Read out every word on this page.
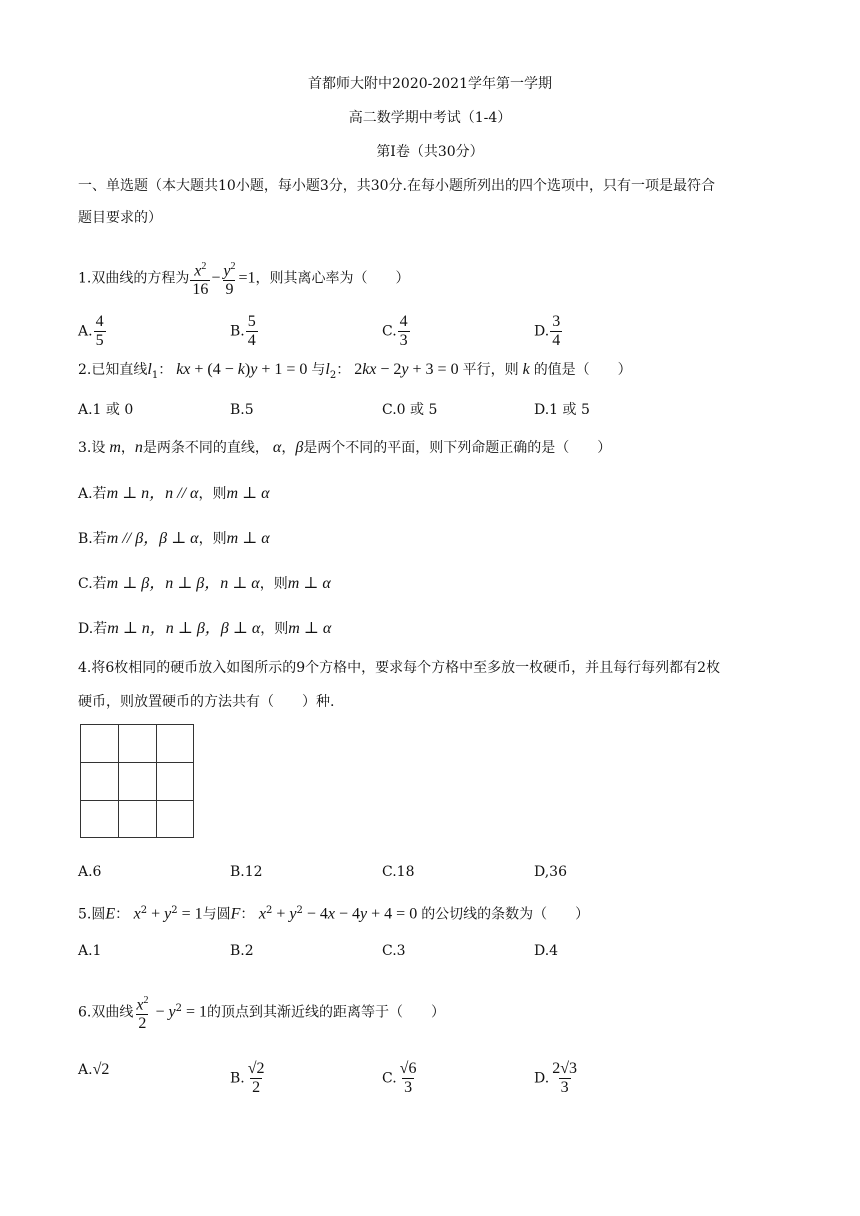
首都师大附中2020-2021学年第一学期
高二数学期中考试（1-4）
第Ⅰ卷（共30分）
一、单选题（本大题共10小题，每小题3分，共30分.在每小题所列出的四个选项中，只有一项是最符合
题目要求的）
1.双曲线的方程为 $\frac{x^2}{16} - \frac{y^2}{9} =1$，则其离心率为（　　）
A. $\frac{4}{5}$	B. $\frac{5}{4}$	C. $\frac{4}{3}$	D. $\frac{3}{4}$
2.已知直线$l_1$： kx + (4 − k)y + 1 = 0 与$l_2$： 2kx − 2y + 3 = 0 平行，则 k 的值是（　　）
A.1 或 0	B.5	C.0 或 5	D.1 或 5
3.设 m，n是两条不同的直线， α，β是两个不同的平面，则下列命题正确的是（　　）
A.若m ⊥ n，n // α，则m ⊥ α
B.若m // β，β ⊥ α，则m ⊥ α
C.若m ⊥ β，n ⊥ β，n ⊥ α，则m ⊥ α
D.若m ⊥ n，n ⊥ β，β ⊥ α，则m ⊥ α
4.将6枚相同的硬币放入如图所示的9个方格中，要求每个方格中至多放一枚硬币，并且每行每列都有2枚
硬币，则放置硬币的方法共有（　　）种.
A.6	B.12	C.18	D,36
5.圆E： $x^2 + y^2 = 1$与圆F： $x^2 + y^2 - 4x - 4y + 4 = 0$ 的公切线的条数为（　　）
A.1	B.2	C.3	D.4
6.双曲线 $\frac{x^2}{2} - y^2 = 1$的顶点到其渐近线的距离等于（　　）
A.√2
B. $\frac{√2}{2}$	C. $\frac{√6}{3}$	D. $\frac{2√3}{3}$
